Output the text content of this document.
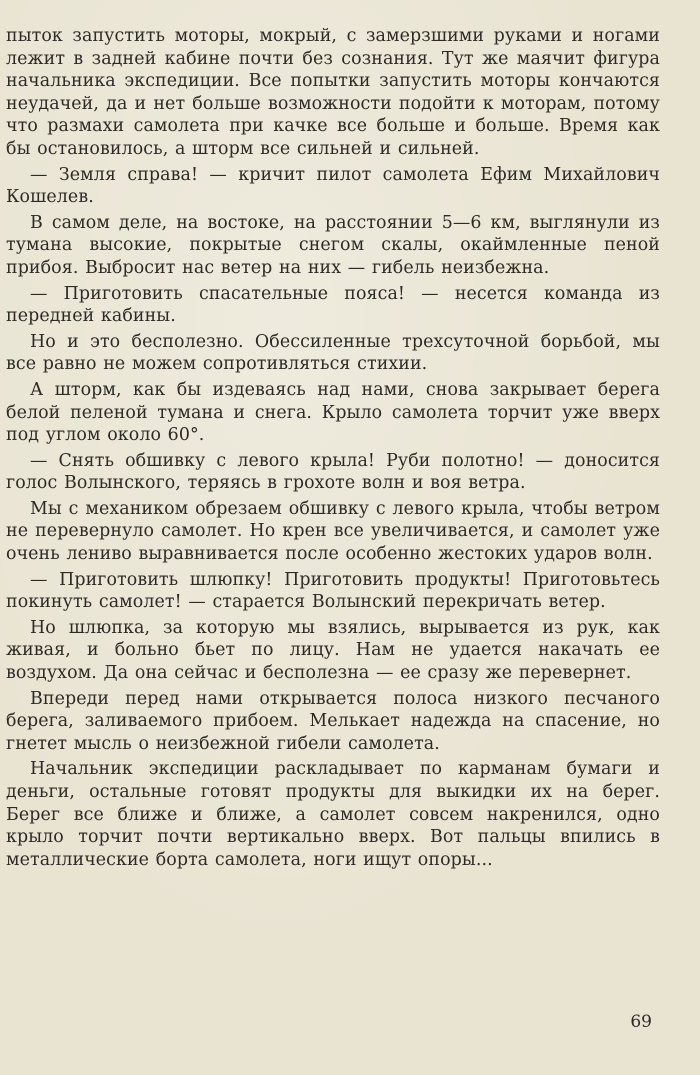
пыток запустить моторы, мокрый, с замерзшими руками и ногами лежит в задней кабине почти без сознания. Тут же маячит фигура начальника экспедиции. Все попытки запустить моторы кончаются неудачей, да и нет больше возможности подойти к моторам, потому что размахи самолета при качке все больше и больше. Время как бы остановилось, а шторм все сильней и сильней.

— Земля справа! — кричит пилот самолета Ефим Михайлович Кошелев.

В самом деле, на востоке, на расстоянии 5—6 км, выглянули из тумана высокие, покрытые снегом скалы, окаймленные пеной прибоя. Выбросит нас ветер на них — гибель неизбежна.

— Приготовить спасательные пояса! — несется команда из передней кабины.

Но и это бесполезно. Обессиленные трехсуточной борьбой, мы все равно не можем сопротивляться стихии.

А шторм, как бы издеваясь над нами, снова закрывает берега белой пеленой тумана и снега. Крыло самолета торчит уже вверх под углом около 60°.

— Снять обшивку с левого крыла! Руби полотно! — доносится голос Волынского, теряясь в грохоте волн и воя ветра.

Мы с механиком обрезаем обшивку с левого крыла, чтобы ветром не перевернуло самолет. Но крен все увеличивается, и самолет уже очень лениво выравнивается после особенно жестоких ударов волн.

— Приготовить шлюпку! Приготовить продукты! Приготовьтесь покинуть самолет! — старается Волынский перекричать ветер.

Но шлюпка, за которую мы взялись, вырывается из рук, как живая, и больно бьет по лицу. Нам не удается накачать ее воздухом. Да она сейчас и бесполезна — ее сразу же перевернет.

Впереди перед нами открывается полоса низкого песчаного берега, заливаемого прибоем. Мелькает надежда на спасение, но гнетет мысль о неизбежной гибели самолета.

Начальник экспедиции раскладывает по карманам бумаги и деньги, остальные готовят продукты для выкидки их на берег. Берег все ближе и ближе, а самолет совсем накренился, одно крыло торчит почти вертикально вверх. Вот пальцы впились в металлические борта самолета, ноги ищут опоры...

69
